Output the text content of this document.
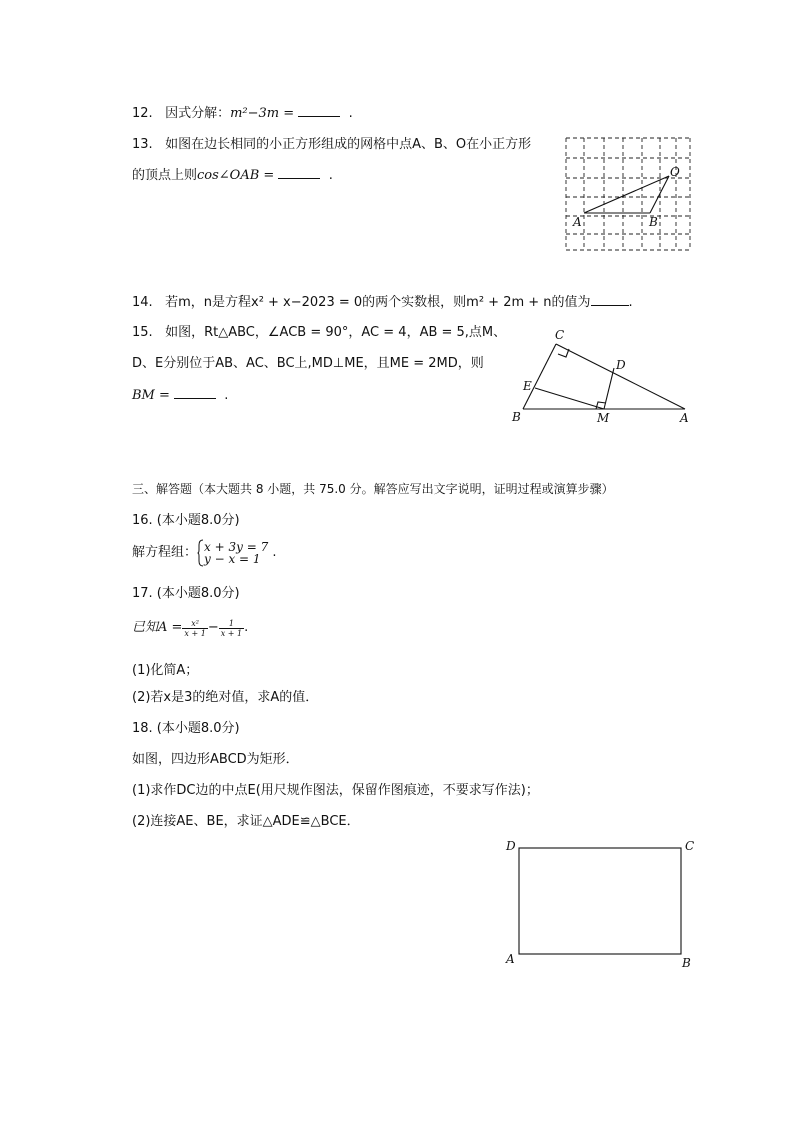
12. 因式分解：m²−3m =	.
13. 如图在边长相同的小正方形组成的网格中点A、B、O在小正方形
的顶点上则cos∠OAB =	.
A	B
O
14. 若m，n是方程x² + x−2023 = 0的两个实数根，则m² + 2m + n的值为	.
15. 如图，Rt△ABC，∠ACB = 90°，AC = 4，AB = 5,点M、
D、E分别位于AB、AC、BC上,MD⊥ME，且ME = 2MD，则
BM =	.
C
D
E
B	M	A
三、解答题（本大题共 8 小题，共 75.0 分。解答应写出文字说明，证明过程或演算步骤）
16. (本小题8.0分)
解方程组： x + 3y = 7
y − x = 1 .
17. (本小题8.0分)
已知$A = \frac{\text{x²}}{x + 1} - \frac{1}{x + 1}$ .
(1)化简A；
(2)若x是3的绝对值，求A的值．
18. (本小题8.0分)
如图，四边形ABCD为矩形．
(1)求作DC边的中点E(用尺规作图法，保留作图痕迹，不要求写作法)；
(2)连接AE、BE，求证△ADE≌△BCE．
D	C
A	B
